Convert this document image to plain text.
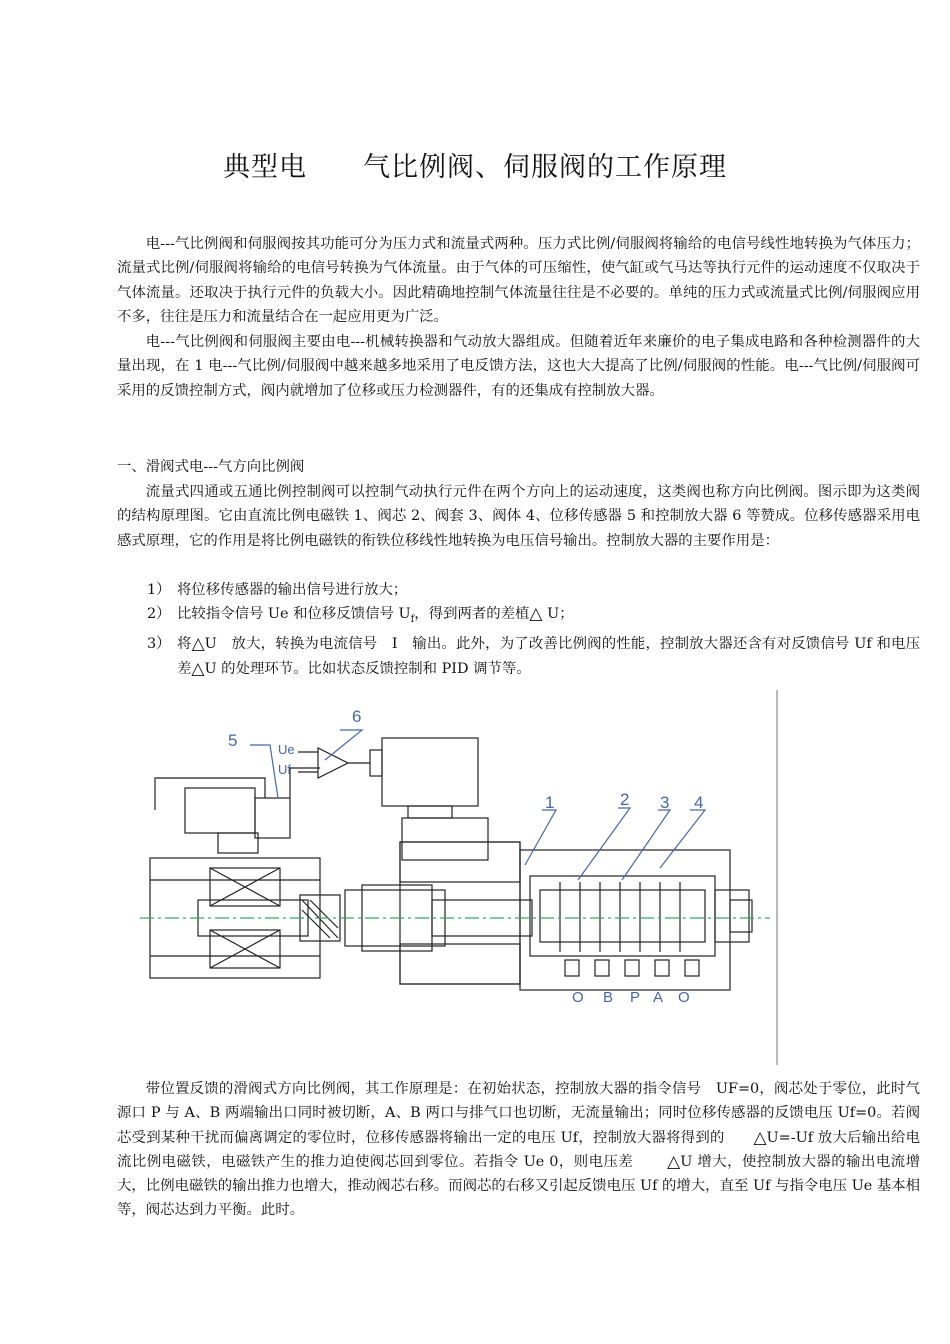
典型电　　气比例阀、伺服阀的工作原理

电---气比例阀和伺服阀按其功能可分为压力式和流量式两种。压力式比例/伺服阀将输给的电信号线性地转换为气体压力；流量式比例/伺服阀将输给的电信号转换为气体流量。由于气体的可压缩性，使气缸或气马达等执行元件的运动速度不仅取决于气体流量。还取决于执行元件的负载大小。因此精确地控制气体流量往往是不必要的。单纯的压力式或流量式比例/伺服阀应用不多，往往是压力和流量结合在一起应用更为广泛。

电---气比例阀和伺服阀主要由电---机械转换器和气动放大器组成。但随着近年来廉价的电子集成电路和各种检测器件的大量出现，在 1 电---气比例/伺服阀中越来越多地采用了电反馈方法，这也大大提高了比例/伺服阀的性能。电---气比例/伺服阀可采用的反馈控制方式，阀内就增加了位移或压力检测器件，有的还集成有控制放大器。

一、滑阀式电---气方向比例阀

流量式四通或五通比例控制阀可以控制气动执行元件在两个方向上的运动速度，这类阀也称方向比例阀。图示即为这类阀的结构原理图。它由直流比例电磁铁 1、阀芯 2、阀套 3、阀体 4、位移传感器 5 和控制放大器 6 等赞成。位移传感器采用电感式原理，它的作用是将比例电磁铁的衔铁位移线性地转换为电压信号输出。控制放大器的主要作用是：

1） 将位移传感器的输出信号进行放大；
2） 比较指令信号 Ue 和位移反馈信号 $U_f$，得到两者的差植△ U；
3） 将△U　放大，转换为电流信号　I　输出。此外，为了改善比例阀的性能，控制放大器还含有对反馈信号 Uf 和电压差△U 的处理环节。比如状态反馈控制和 PID 调节等。
1	2 3 4
5
6
Ue
Uf
O B P A O

带位置反馈的滑阀式方向比例阀，其工作原理是：在初始状态，控制放大器的指令信号　UF=0，阀芯处于零位，此时气源口 P 与 A、B 两端输出口同时被切断，A、B 两口与排气口也切断，无流量输出；同时位移传感器的反馈电压 Uf=0。若阀芯受到某种干扰而偏离调定的零位时，位移传感器将输出一定的电压 Uf，控制放大器将得到的 △U=-Uf 放大后输出给电流比例电磁铁，电磁铁产生的推力迫使阀芯回到零位。若指令 Ue 0，则电压差 △U 增大，使控制放大器的输出电流增大，比例电磁铁的输出推力也增大，推动阀芯右移。而阀芯的右移又引起反馈电压 Uf 的增大，直至 Uf 与指令电压 Ue 基本相等，阀芯达到力平衡。此时。
